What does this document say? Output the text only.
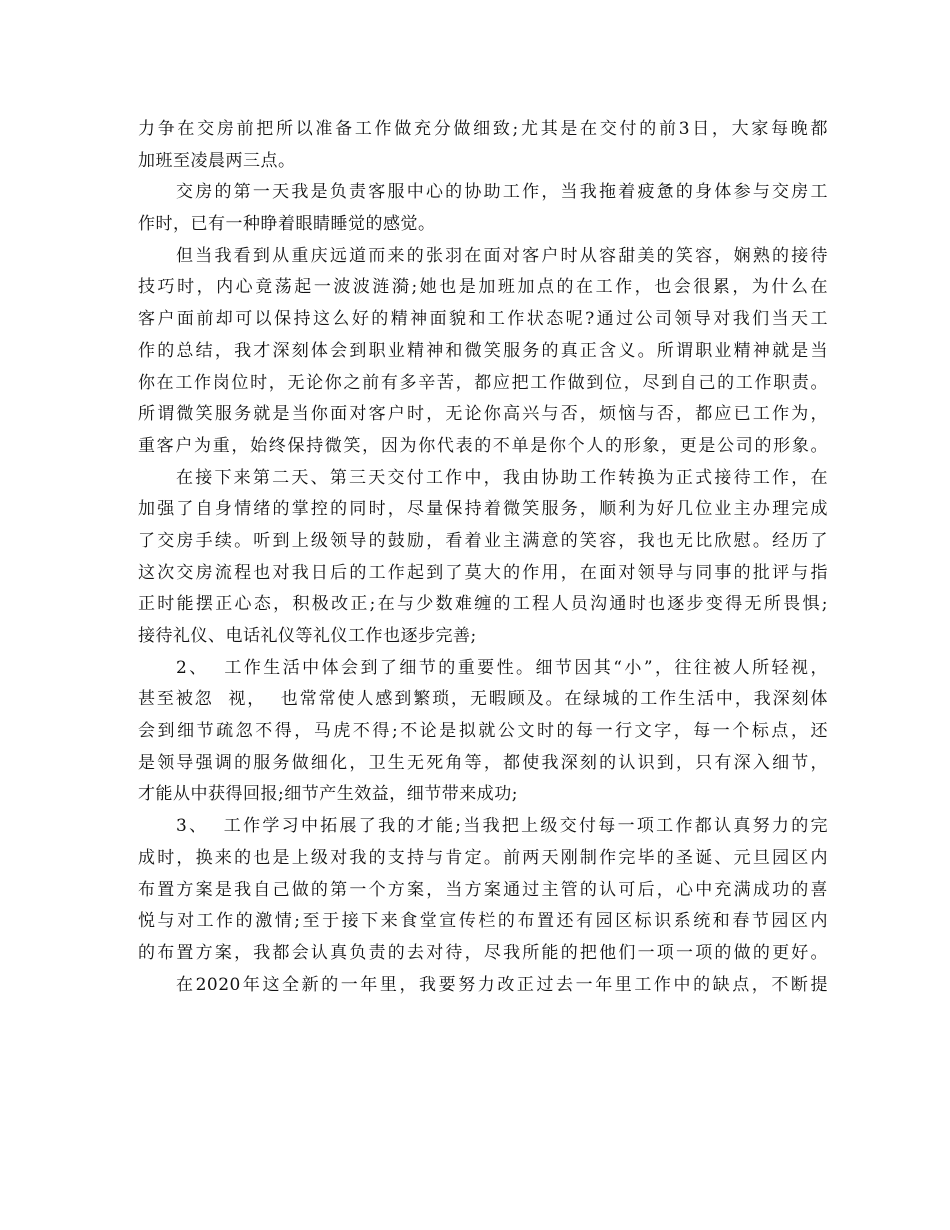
力争在交房前把所以准备工作做充分做细致;尤其是在交付的前3日，大家每晚都
加班至凌晨两三点。
交房的第一天我是负责客服中心的协助工作，当我拖着疲惫的身体参与交房工
作时，已有一种睁着眼睛睡觉的感觉。
但当我看到从重庆远道而来的张羽在面对客户时从容甜美的笑容，娴熟的接待
技巧时，内心竟荡起一波波涟漪;她也是加班加点的在工作，也会很累，为什么在
客户面前却可以保持这么好的精神面貌和工作状态呢?通过公司领导对我们当天工
作的总结，我才深刻体会到职业精神和微笑服务的真正含义。所谓职业精神就是当
你在工作岗位时，无论你之前有多辛苦，都应把工作做到位，尽到自己的工作职责。
所谓微笑服务就是当你面对客户时，无论你高兴与否，烦恼与否，都应已工作为，
重客户为重，始终保持微笑，因为你代表的不单是你个人的形象，更是公司的形象。
在接下来第二天、第三天交付工作中，我由协助工作转换为正式接待工作，在
加强了自身情绪的掌控的同时，尽量保持着微笑服务，顺利为好几位业主办理完成
了交房手续。听到上级领导的鼓励，看着业主满意的笑容，我也无比欣慰。经历了
这次交房流程也对我日后的工作起到了莫大的作用，在面对领导与同事的批评与指
正时能摆正心态，积极改正;在与少数难缠的工程人员沟通时也逐步变得无所畏惧;
接待礼仪、电话礼仪等礼仪工作也逐步完善;
2、  工作生活中体会到了细节的重要性。细节因其“小”，往往被人所轻视，
甚至被忽  视，  也常常使人感到繁琐，无暇顾及。在绿城的工作生活中，我深刻体
会到细节疏忽不得，马虎不得;不论是拟就公文时的每一行文字，每一个标点，还
是领导强调的服务做细化，卫生无死角等，都使我深刻的认识到，只有深入细节，
才能从中获得回报;细节产生效益，细节带来成功;
3、  工作学习中拓展了我的才能;当我把上级交付每一项工作都认真努力的完
成时，换来的也是上级对我的支持与肯定。前两天刚制作完毕的圣诞、元旦园区内
布置方案是我自己做的第一个方案，当方案通过主管的认可后，心中充满成功的喜
悦与对工作的激情;至于接下来食堂宣传栏的布置还有园区标识系统和春节园区内
的布置方案，我都会认真负责的去对待，尽我所能的把他们一项一项的做的更好。
在2020年这全新的一年里，我要努力改正过去一年里工作中的缺点，不断提
